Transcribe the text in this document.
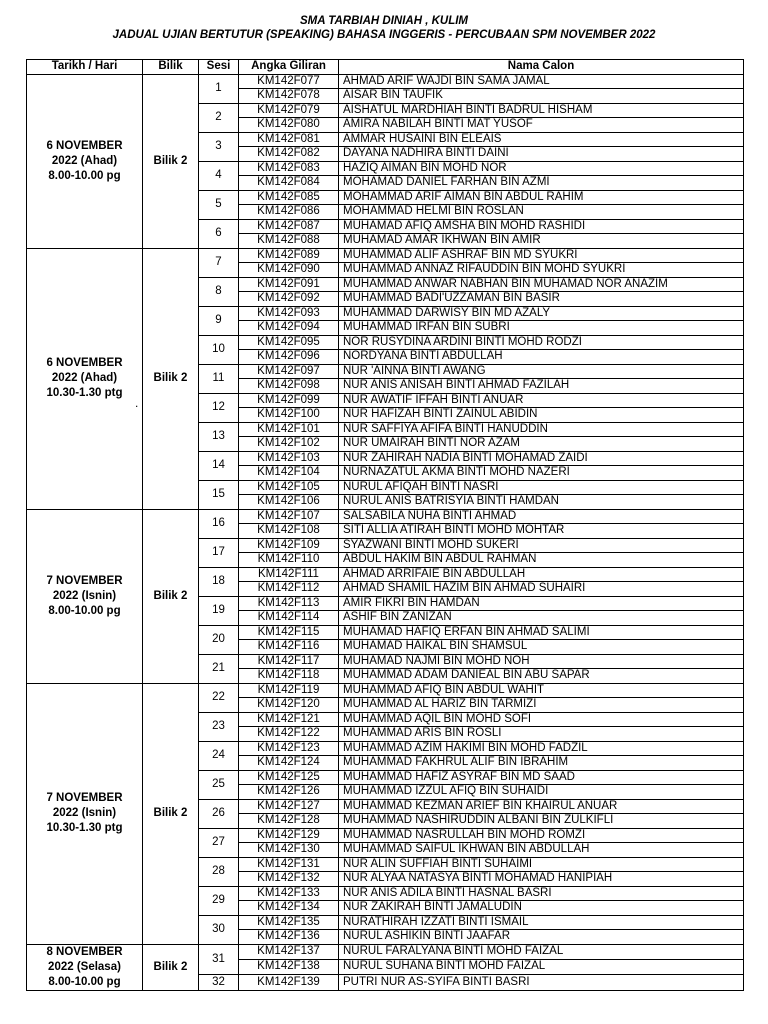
SMA TARBIAH DINIAH , KULIM
JADUAL UJIAN BERTUTUR (SPEAKING) BAHASA INGGERIS - PERCUBAAN SPM NOVEMBER 2022
Tarikh / Hari	Bilik	Sesi	Angka Giliran	Nama Calon

6 NOVEMBER
2022 (Ahad)
8.00-10.00 pg	Bilik 2	1	KM142F077	AHMAD ARIF WAJDI BIN SAMA JAMAL
			KM142F078	AISAR BIN TAUFIK
		2	KM142F079	AISHATUL MARDHIAH BINTI BADRUL HISHAM
			KM142F080	AMIRA NABILAH BINTI MAT YUSOF
		3	KM142F081	AMMAR HUSAINI BIN ELEAIS
			KM142F082	DAYANA NADHIRA BINTI DAINI
		4	KM142F083	HAZIQ AIMAN BIN MOHD NOR
			KM142F084	MOHAMAD DANIEL FARHAN BIN AZMI
		5	KM142F085	MOHAMMAD ARIF AIMAN BIN ABDUL RAHIM
			KM142F086	MOHAMMAD HELMI BIN ROSLAN
		6	KM142F087	MUHAMAD AFIQ AMSHA BIN MOHD RASHIDI
			KM142F088	MUHAMAD AMAR IKHWAN BIN AMIR

6 NOVEMBER
2022 (Ahad)
10.30-1.30 ptg	Bilik 2	7	KM142F089	MUHAMMAD ALIF ASHRAF BIN MD SYUKRI
			KM142F090	MUHAMMAD ANNAZ RIFAUDDIN BIN MOHD SYUKRI
		8	KM142F091	MUHAMMAD ANWAR NABHAN BIN MUHAMAD NOR ANAZIM
			KM142F092	MUHAMMAD BADI'UZZAMAN BIN BASIR
		9	KM142F093	MUHAMMAD DARWISY BIN MD AZALY
			KM142F094	MUHAMMAD IRFAN BIN SUBRI
		10	KM142F095	NOR RUSYDINA ARDINI BINTI MOHD RODZI
			KM142F096	NORDYANA BINTI ABDULLAH
		11	KM142F097	NUR 'AINNA BINTI AWANG
			KM142F098	NUR ANIS ANISAH BINTI AHMAD FAZILAH
		12	KM142F099	NUR AWATIF IFFAH BINTI ANUAR
			KM142F100	NUR HAFIZAH BINTI ZAINUL ABIDIN
		13	KM142F101	NUR SAFFIYA AFIFA BINTI HANUDDIN
			KM142F102	NUR UMAIRAH BINTI NOR AZAM
		14	KM142F103	NUR ZAHIRAH NADIA BINTI MOHAMAD ZAIDI
			KM142F104	NURNAZATUL AKMA BINTI MOHD NAZERI
		15	KM142F105	NURUL AFIQAH BINTI NASRI
			KM142F106	NURUL ANIS BATRISYIA BINTI HAMDAN

7 NOVEMBER
2022 (Isnin)
8.00-10.00 pg	Bilik 2	16	KM142F107	SALSABILA NUHA BINTI AHMAD
			KM142F108	SITI ALLIA ATIRAH BINTI MOHD MOHTAR
		17	KM142F109	SYAZWANI BINTI MOHD SUKERI
			KM142F110	ABDUL HAKIM BIN ABDUL RAHMAN
		18	KM142F111	AHMAD ARRIFAIE BIN ABDULLAH
			KM142F112	AHMAD SHAMIL HAZIM BIN AHMAD SUHAIRI
		19	KM142F113	AMIR FIKRI BIN HAMDAN
			KM142F114	ASHIF BIN ZANIZAN
		20	KM142F115	MUHAMAD HAFIQ ERFAN BIN AHMAD SALIMI
			KM142F116	MUHAMAD HAIKAL BIN SHAMSUL
		21	KM142F117	MUHAMAD NAJMI BIN MOHD NOH
			KM142F118	MUHAMMAD ADAM DANIEAL BIN ABU SAPAR

7 NOVEMBER
2022 (Isnin)
10.30-1.30 ptg	Bilik 2	22	KM142F119	MUHAMMAD AFIQ BIN ABDUL WAHIT
			KM142F120	MUHAMMAD AL HARIZ BIN TARMIZI
		23	KM142F121	MUHAMMAD AQIL BIN MOHD SOFI
			KM142F122	MUHAMMAD ARIS BIN ROSLI
		24	KM142F123	MUHAMMAD AZIM HAKIMI BIN MOHD FADZIL
			KM142F124	MUHAMMAD FAKHRUL ALIF BIN IBRAHIM
		25	KM142F125	MUHAMMAD HAFIZ ASYRAF BIN MD SAAD
			KM142F126	MUHAMMAD IZZUL AFIQ BIN SUHAIDI
		26	KM142F127	MUHAMMAD KEZMAN ARIEF BIN KHAIRUL ANUAR
			KM142F128	MUHAMMAD NASHIRUDDIN ALBANI BIN ZULKIFLI
		27	KM142F129	MUHAMMAD NASRULLAH BIN MOHD ROMZI
			KM142F130	MUHAMMAD SAIFUL IKHWAN BIN ABDULLAH
		28	KM142F131	NUR ALIN SUFFIAH BINTI SUHAIMI
			KM142F132	NUR ALYAA NATASYA BINTI MOHAMAD HANIPIAH
		29	KM142F133	NUR ANIS ADILA BINTI HASNAL BASRI
			KM142F134	NUR ZAKIRAH BINTI JAMALUDIN
		30	KM142F135	NURATHIRAH IZZATI BINTI ISMAIL
			KM142F136	NURUL ASHIKIN BINTI JAAFAR

8 NOVEMBER
2022 (Selasa)
8.00-10.00 pg	Bilik 2	31	KM142F137	NURUL FARALYANA BINTI MOHD FAIZAL
			KM142F138	NURUL SUHANA BINTI MOHD FAIZAL
		32	KM142F139	PUTRI NUR AS-SYIFA BINTI BASRI
.
